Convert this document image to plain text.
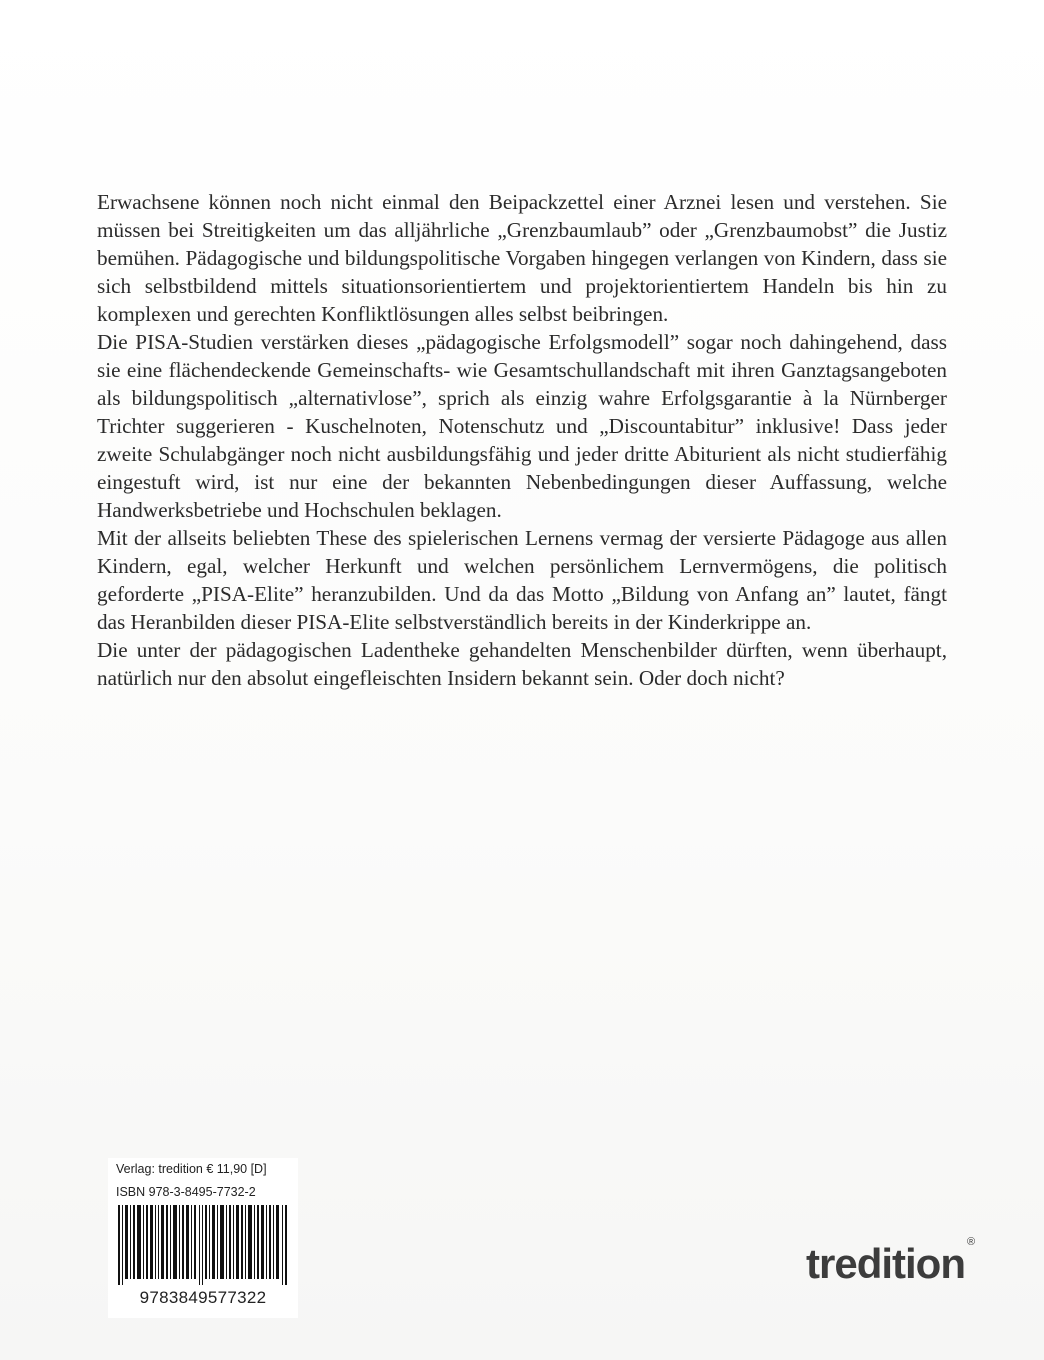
Erwachsene können noch nicht einmal den Beipackzettel einer Arznei lesen und verstehen. Sie müssen bei Streitigkeiten um das alljährliche „Grenzbaumlaub” oder „Grenzbaumobst” die Justiz bemühen. Pädagogische und bildungspolitische Vorgaben hingegen verlangen von Kindern, dass sie sich selbstbildend mittels situationsorientiertem und projektorientiertem Handeln bis hin zu komplexen und gerechten Konfliktlösungen alles selbst beibringen.

Die PISA-Studien verstärken dieses „pädagogische Erfolgsmodell” sogar noch dahingehend, dass sie eine flächendeckende Gemeinschafts- wie Gesamtschullandschaft mit ihren Ganztagsangeboten als bildungspolitisch „alternativlose”, sprich als einzig wahre Erfolgsgarantie à la Nürnberger Trichter suggerieren - Kuschelnoten, Notenschutz und „Discountabitur” inklusive! Dass jeder zweite Schulabgänger noch nicht ausbildungsfähig und jeder dritte Abiturient als nicht studierfähig eingestuft wird, ist nur eine der bekannten Nebenbedingungen dieser Auffassung, welche Handwerksbetriebe und Hochschulen beklagen.

Mit der allseits beliebten These des spielerischen Lernens vermag der versierte Pädagoge aus allen Kindern, egal, welcher Herkunft und welchen persönlichem Lernvermögens, die politisch geforderte „PISA-Elite” heranzubilden. Und da das Motto „Bildung von Anfang an” lautet, fängt das Heranbilden dieser PISA-Elite selbstverständlich bereits in der Kinderkrippe an.

Die unter der pädagogischen Ladentheke gehandelten Menschenbilder dürften, wenn überhaupt, natürlich nur den absolut eingefleischten Insidern bekannt sein. Oder doch nicht?

Verlag: tredition € 11,90 [D]
ISBN 978-3-8495-7732-2
9783849577322
tredition ®
